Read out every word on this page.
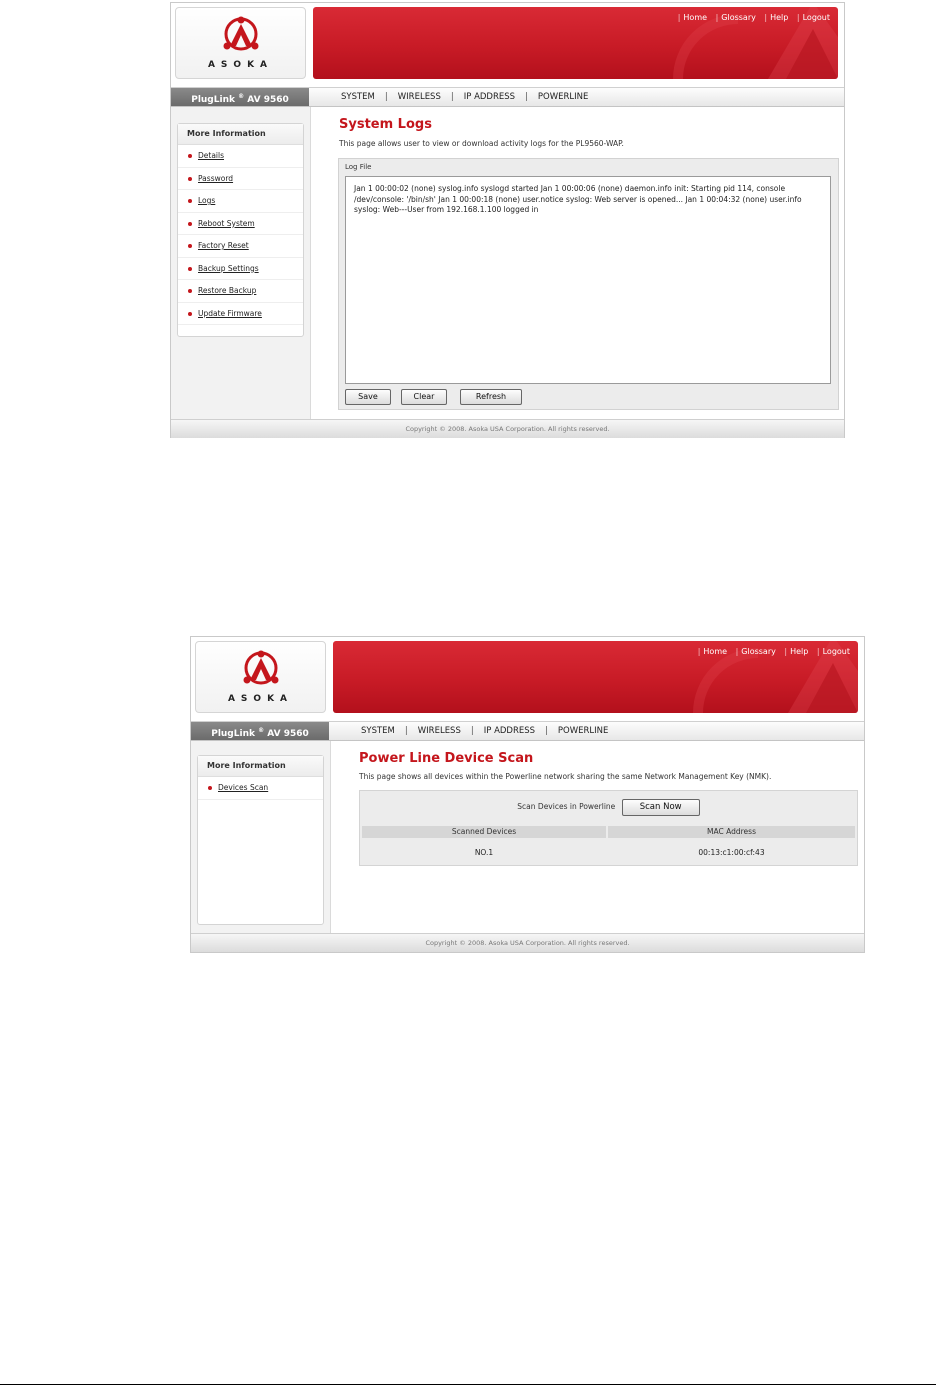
ASOKA
| Home | Glossary | Help | Logout
PlugLink ® AV 9560	SYSTEM | WIRELESS | IP ADDRESS | POWERLINE
More Information
Details
Password
Logs
Reboot System
Factory Reset
Backup Settings
Restore Backup
Update Firmware
System Logs
This page allows user to view or download activity logs for the PL9560-WAP.
Log File
Jan 1 00:00:02 (none) syslog.info syslogd started Jan 1 00:00:06 (none) daemon.info init: Starting pid 114, console /dev/console: '/bin/sh' Jan 1 00:00:18 (none) user.notice syslog: Web server is opened... Jan 1 00:04:32 (none) user.info syslog: Web---User from 192.168.1.100 logged in
Save	Clear	Refresh
Copyright © 2008. Asoka USA Corporation. All rights reserved.
ASOKA
| Home | Glossary | Help | Logout
PlugLink ® AV 9560	SYSTEM | WIRELESS | IP ADDRESS | POWERLINE
More Information
Devices Scan
Power Line Device Scan
This page shows all devices within the Powerline network sharing the same Network Management Key (NMK).
Scan Devices in Powerline	Scan Now
Scanned Devices	MAC Address
NO.1	00:13:c1:00:cf:43
Copyright © 2008. Asoka USA Corporation. All rights reserved.
